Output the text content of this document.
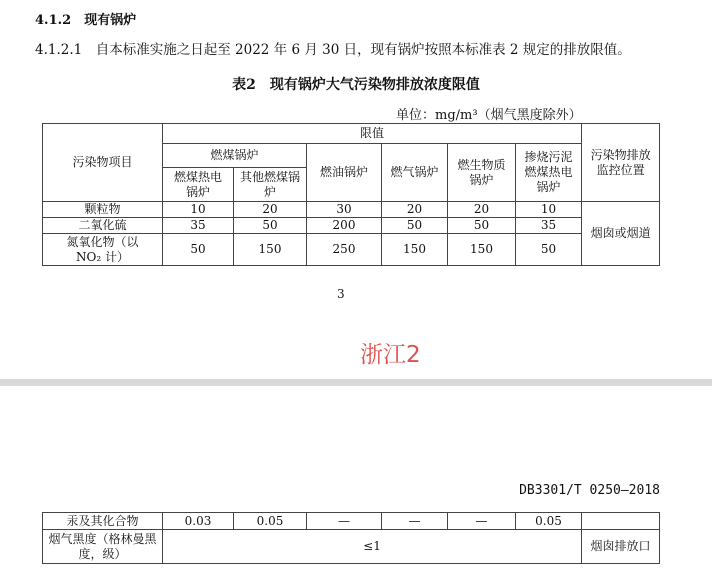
4.1.2　现有锅炉
4.1.2.1　自本标准实施之日起至 2022 年 6 月 30 日，现有锅炉按照本标准表 2 规定的排放限值。
表2　现有锅炉大气污染物排放浓度限值
单位：mg/m³（烟气黑度除外）
污染物项目	限值						污染物排放监控位置
	燃煤锅炉		燃油锅炉	燃气锅炉	燃生物质锅炉	掺烧污泥燃煤热电锅炉	
	燃煤热电锅炉	其他燃煤锅炉					
颗粒物	10	20	30	20	20	10	烟囱或烟道
二氧化硫	35	50	200	50	50	35	
氮氧化物（以 NO₂ 计）	50	150	250	150	150	50	
3
浙江2
DB3301/T 0250—2018
汞及其化合物	0.03	0.05	—	—	—	0.05	
烟气黑度（格林曼黑度，级）	≤1						烟囱排放口
